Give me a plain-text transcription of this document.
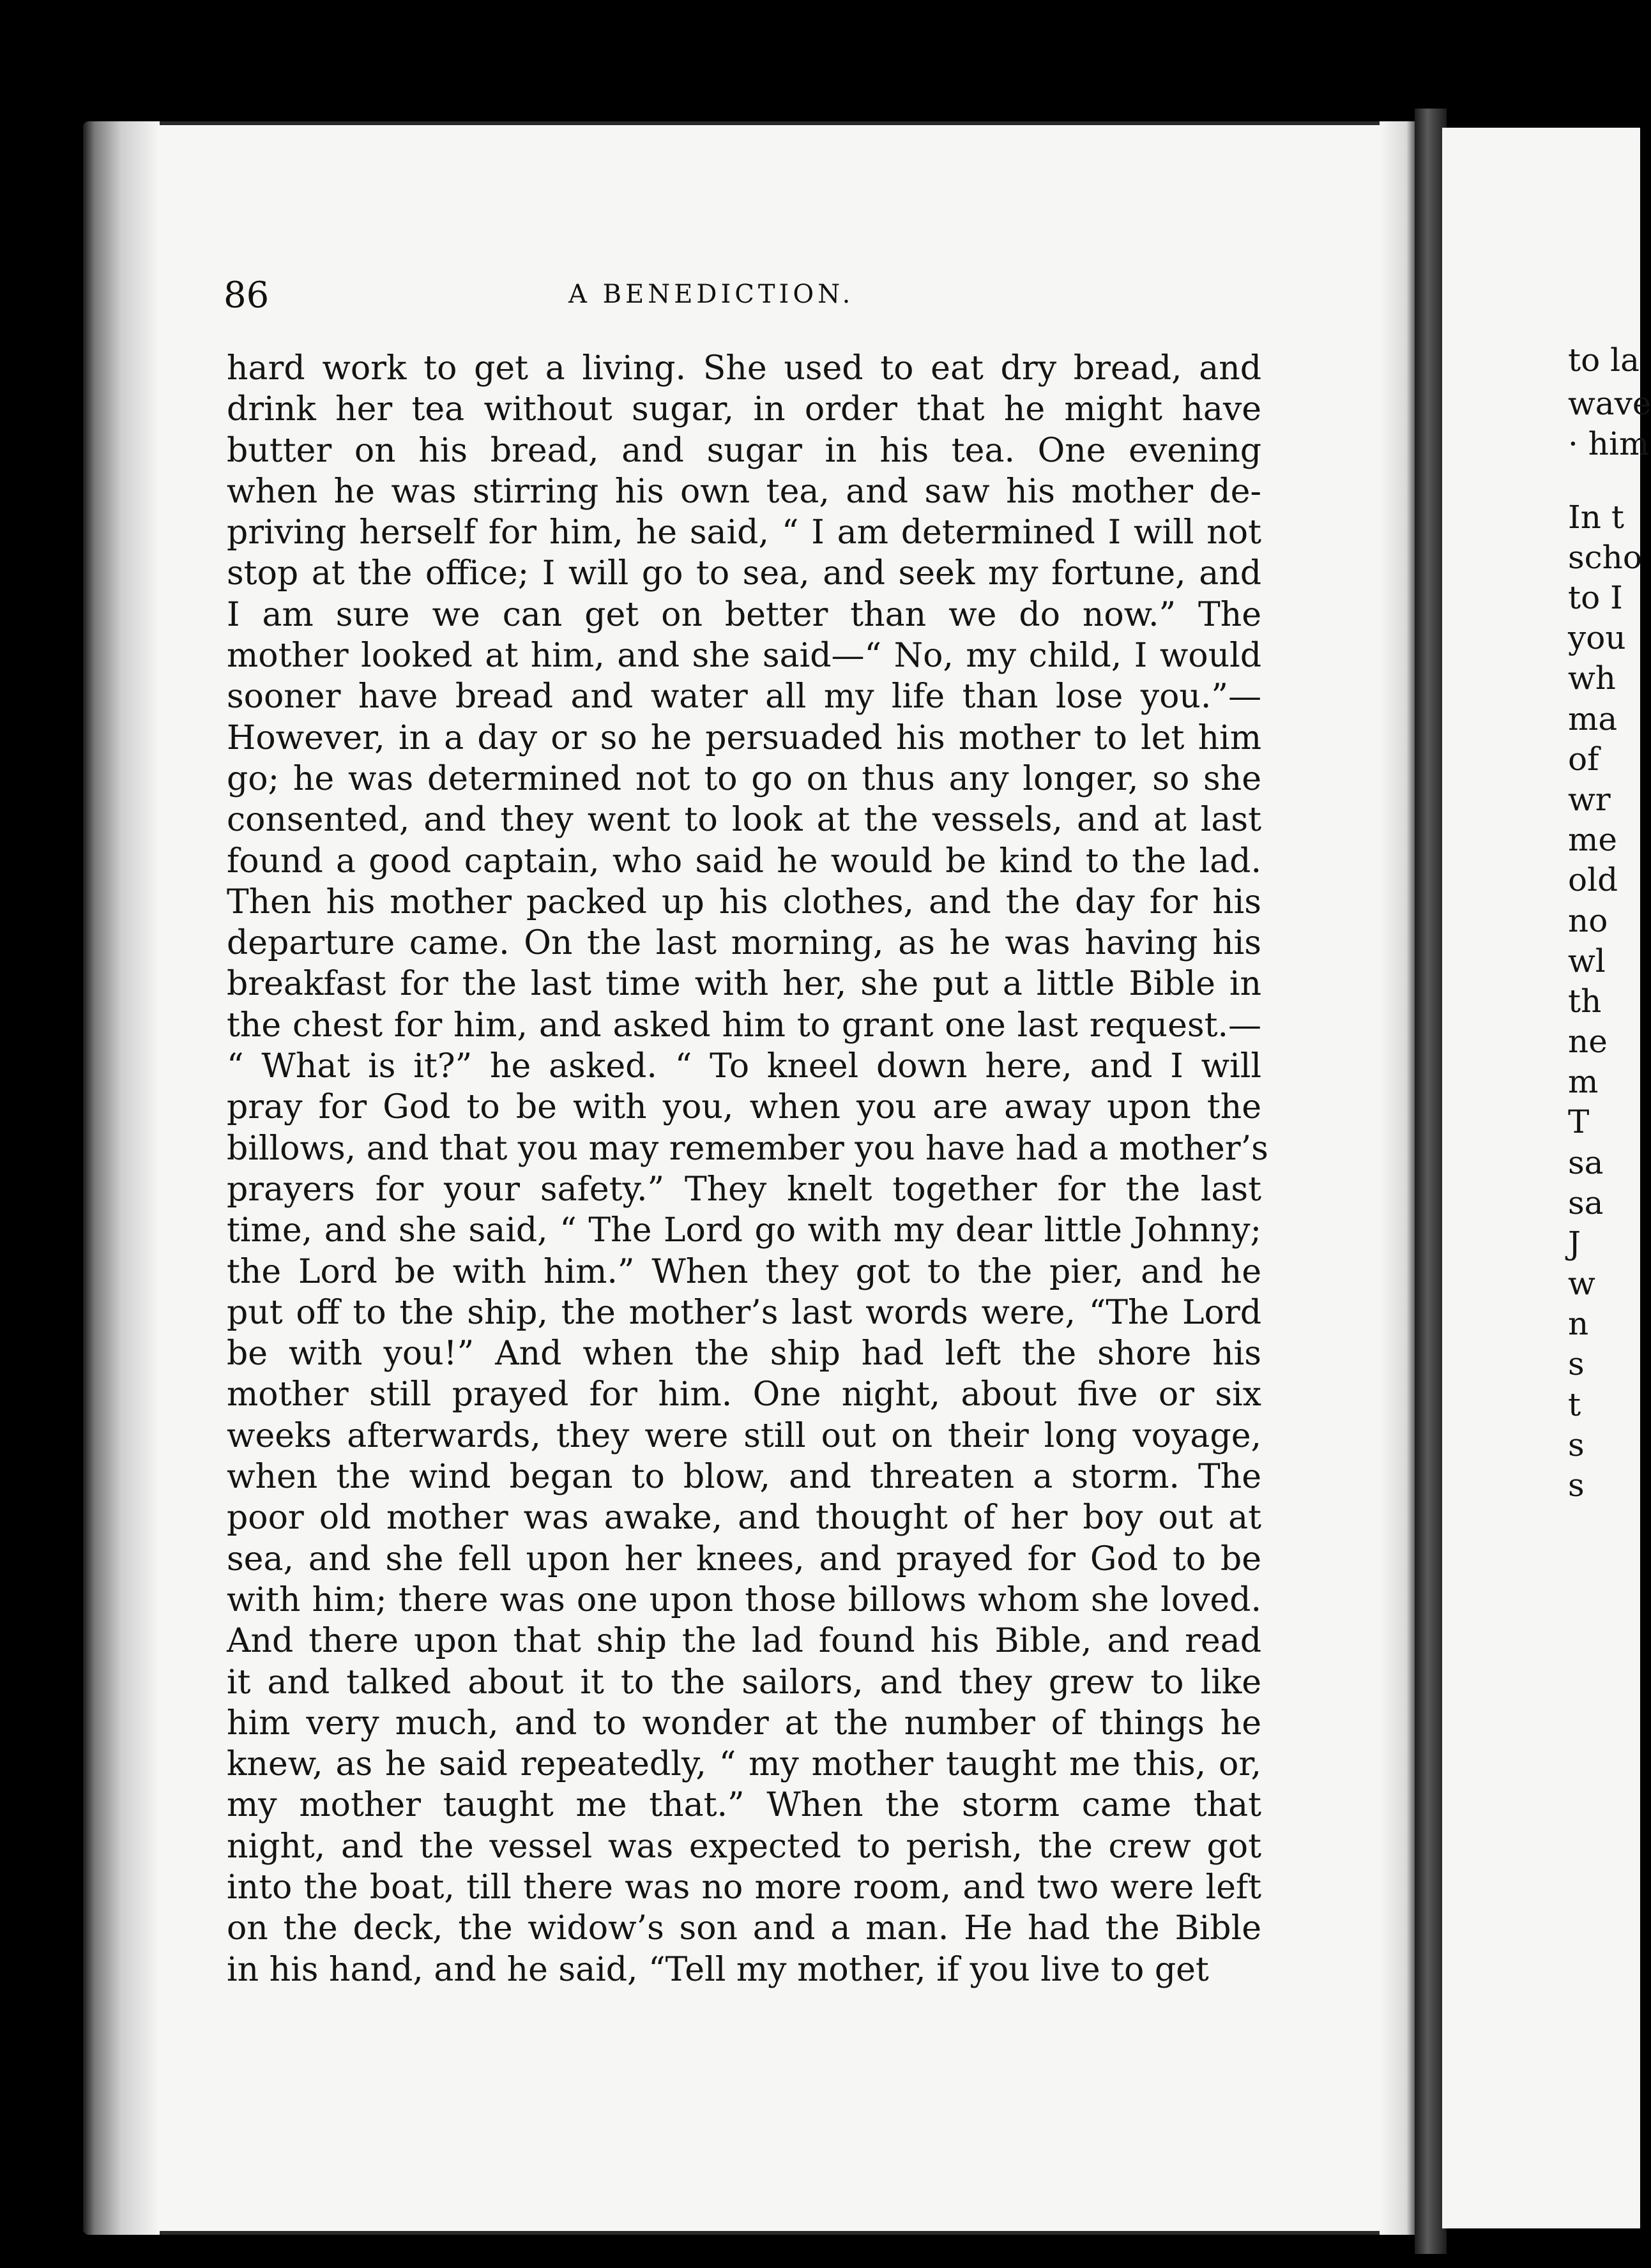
86	A BENEDICTION.
hard work to get a living. She used to eat dry bread, and
drink her tea without sugar, in order that he might have
butter on his bread, and sugar in his tea. One evening
when he was stirring his own tea, and saw his mother de-
priving herself for him, he said, “ I am determined I will not
stop at the office; I will go to sea, and seek my fortune, and
I am sure we can get on better than we do now.” The
mother looked at him, and she said—“ No, my child, I would
sooner have bread and water all my life than lose you.”—
However, in a day or so he persuaded his mother to let him
go; he was determined not to go on thus any longer, so she
consented, and they went to look at the vessels, and at last
found a good captain, who said he would be kind to the lad.
Then his mother packed up his clothes, and the day for his
departure came. On the last morning, as he was having his
breakfast for the last time with her, she put a little Bible in
the chest for him, and asked him to grant one last request.—
“ What is it?” he asked. “ To kneel down here, and I will
pray for God to be with you, when you are away upon the
billows, and that you may remember you have had a mother’s
prayers for your safety.” They knelt together for the last
time, and she said, “ The Lord go with my dear little Johnny;
the Lord be with him.” When they got to the pier, and he
put off to the ship, the mother’s last words were, “The Lord
be with you!” And when the ship had left the shore his
mother still prayed for him. One night, about five or six
weeks afterwards, they were still out on their long voyage,
when the wind began to blow, and threaten a storm. The
poor old mother was awake, and thought of her boy out at
sea, and she fell upon her knees, and prayed for God to be
with him; there was one upon those billows whom she loved.
And there upon that ship the lad found his Bible, and read
it and talked about it to the sailors, and they grew to like
him very much, and to wonder at the number of things he
knew, as he said repeatedly, “ my mother taught me this, or,
my mother taught me that.” When the storm came that
night, and the vessel was expected to perish, the crew got
into the boat, till there was no more room, and two were left
on the deck, the widow’s son and a man. He had the Bible
in his hand, and he said, “Tell my mother, if you live to get
to la
wave
· him
In t
scho
to I
you
wh
ma
of
wr
me
old
no
wl
th
ne
m
T
sa
sa
J
w
n
s
t
s
s
